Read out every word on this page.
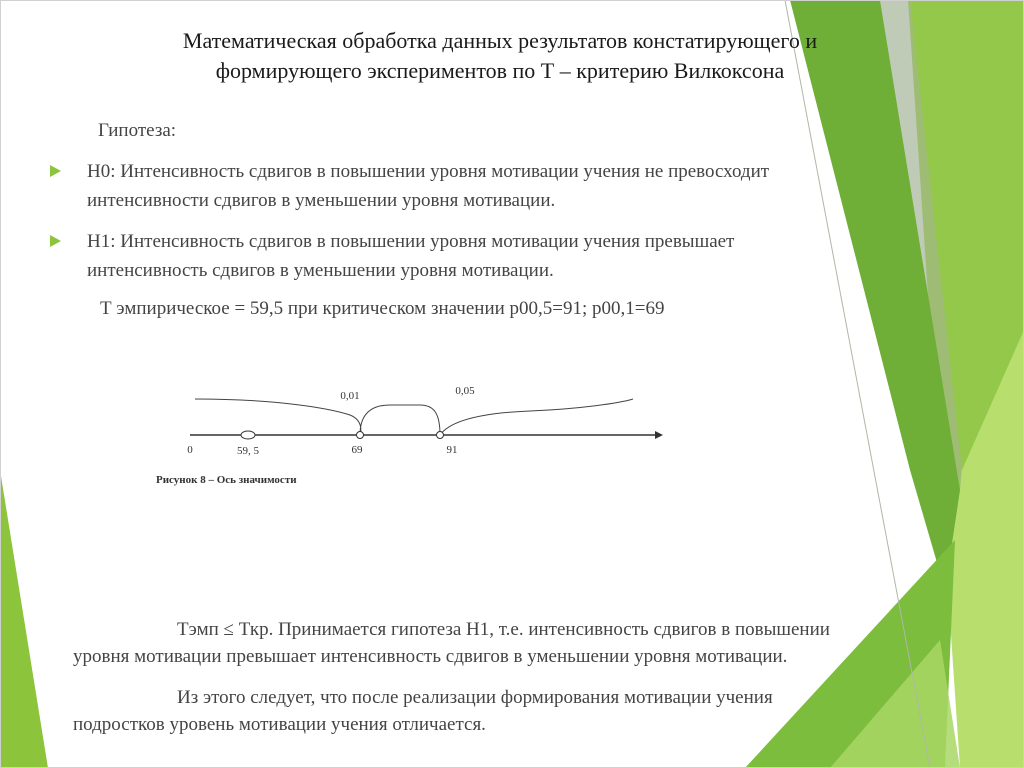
Математическая обработка данных результатов констатирующего и
формирующего экспериментов по Т – критерию Вилкоксона
Гипотеза:
Н0: Интенсивность сдвигов в повышении уровня мотивации учения не превосходит
интенсивности сдвигов в уменьшении уровня мотивации.
Н1: Интенсивность сдвигов в повышении уровня мотивации учения превышает
интенсивность сдвигов в уменьшении уровня мотивации.
Т эмпирическое = 59,5 при критическом значении р00,5=91; р00,1=69
0	59, 5	69	91
0,01	0,05
Рисунок 8 – Ось значимости
Тэмп ≤ Ткр. Принимается гипотеза Н1, т.е. интенсивность сдвигов в повышении
уровня мотивации превышает интенсивность сдвигов в уменьшении уровня мотивации.
Из этого следует, что после реализации формирования мотивации учения
подростков уровень мотивации учения отличается.
